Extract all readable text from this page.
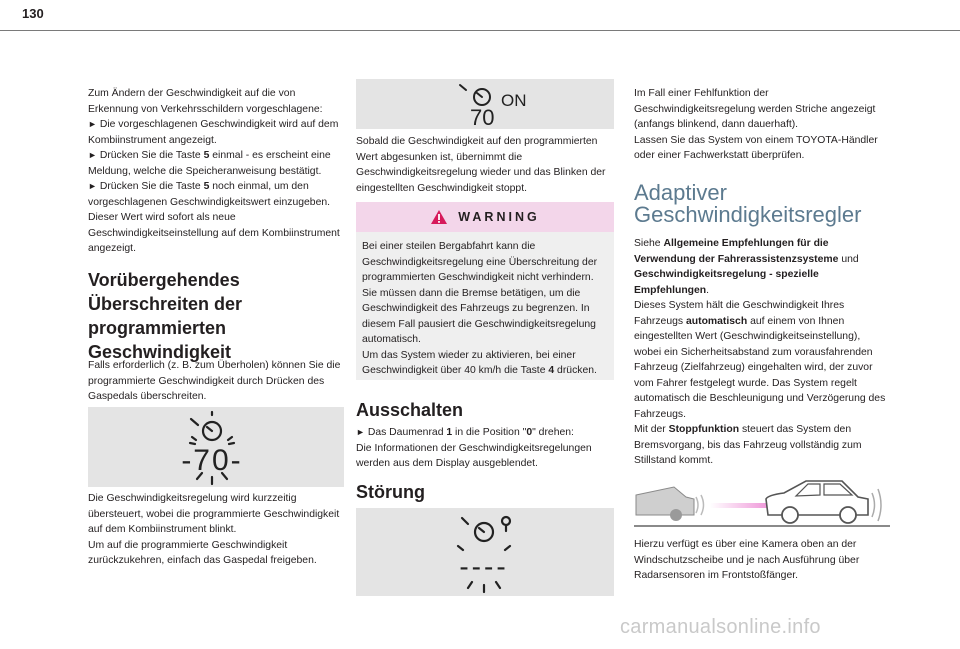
130

Zum Ändern der Geschwindigkeit auf die von Erkennung von Verkehrsschildern vorgeschlagene:

► Die vorgeschlagenen Geschwindigkeit wird auf dem Kombiinstrument angezeigt.

► Drücken Sie die Taste 5 einmal - es erscheint eine Meldung, welche die Speicheranweisung bestätigt.

► Drücken Sie die Taste 5 noch einmal, um den vorgeschlagenen Geschwindigkeitswert einzugeben.

Dieser Wert wird sofort als neue Geschwindigkeitseinstellung auf dem Kombiinstrument angezeigt.

Vorübergehendes Überschreiten der programmierten Geschwindigkeit

Falls erforderlich (z. B. zum Überholen) können Sie die programmierte Geschwindigkeit durch Drücken des Gaspedals überschreiten.

-70-

Die Geschwindigkeitsregelung wird kurzzeitig übersteuert, wobei die programmierte Geschwindigkeit auf dem Kombiinstrument blinkt.

Um auf die programmierte Geschwindigkeit zurückzukehren, einfach das Gaspedal freigeben.

ON
70

Sobald die Geschwindigkeit auf den programmierten Wert abgesunken ist, übernimmt die Geschwindigkeitsregelung wieder und das Blinken der eingestellten Geschwindigkeit stoppt.

WARNING

Bei einer steilen Bergabfahrt kann die Geschwindigkeitsregelung eine Überschreitung der programmierten Geschwindigkeit nicht verhindern.

Sie müssen dann die Bremse betätigen, um die Geschwindigkeit des Fahrzeugs zu begrenzen. In diesem Fall pausiert die Geschwindigkeitsregelung automatisch.

Um das System wieder zu aktivieren, bei einer Geschwindigkeit über 40 km/h die Taste 4 drücken.

Ausschalten

► Das Daumenrad 1 in die Position "0" drehen:

Die Informationen der Geschwindigkeitsregelungen werden aus dem Display ausgeblendet.

Störung
----

Im Fall einer Fehlfunktion der Geschwindigkeitsregelung werden Striche angezeigt (anfangs blinkend, dann dauerhaft).

Lassen Sie das System von einem TOYOTA-Händler oder einer Fachwerkstatt überprüfen.

Adaptiver Geschwindigkeitsregler

Siehe Allgemeine Empfehlungen für die Verwendung der Fahrerassistenzsysteme und Geschwindigkeitsregelung - spezielle Empfehlungen.

Dieses System hält die Geschwindigkeit Ihres Fahrzeugs automatisch auf einem von Ihnen eingestellten Wert (Geschwindigkeitseinstellung), wobei ein Sicherheitsabstand zum vorausfahrenden Fahrzeug (Zielfahrzeug) eingehalten wird, der zuvor vom Fahrer festgelegt wurde. Das System regelt automatisch die Beschleunigung und Verzögerung des Fahrzeugs.

Mit der Stoppfunktion steuert das System den Bremsvorgang, bis das Fahrzeug vollständig zum Stillstand kommt.

Hierzu verfügt es über eine Kamera oben an der Windschutzscheibe und je nach Ausführung über Radarsensoren im Frontstoßfänger.

carmanualsonline.info
